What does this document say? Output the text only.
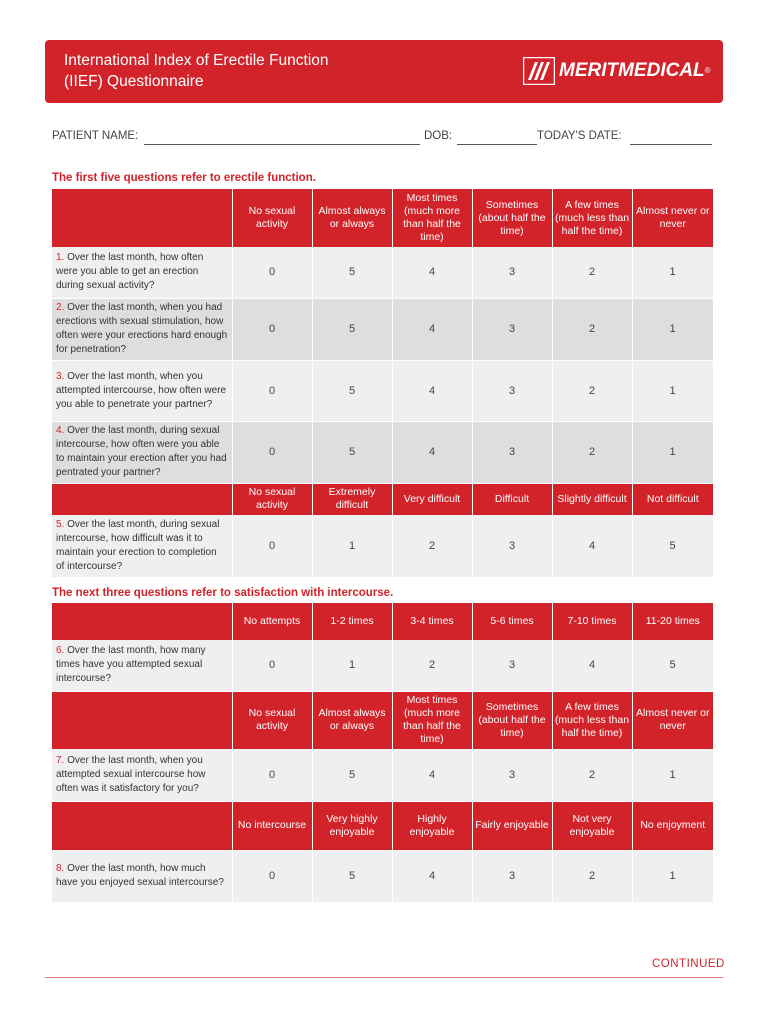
International Index of Erectile Function
(IIEF) Questionnaire
MERITMEDICAL®
PATIENT NAME:	DOB:	TODAY'S DATE:
The first five questions refer to erectile function.
	No sexual activity	Almost always or always	Most times (much more than half the time)	Sometimes (about half the time)	A few times (much less than half the time)	Almost never or never
1. Over the last month, how often were you able to get an erection during sexual activity?	0	5	4	3	2	1
2. Over the last month, when you had erections with sexual stimulation, how often were your erections hard enough for penetration?	0	5	4	3	2	1
3. Over the last month, when you attempted intercourse, how often were you able to penetrate your partner?	0	5	4	3	2	1
4. Over the last month, during sexual intercourse, how often were you able to maintain your erection after you had pentrated your partner?	0	5	4	3	2	1
	No sexual activity	Extremely difficult	Very difficult	Difficult	Slightly difficult	Not difficult
5. Over the last month, during sexual intercourse, how difficult was it to maintain your erection to completion of intercourse?	0	1	2	3	4	5
The next three questions refer to satisfaction with intercourse.
	No attempts	1-2 times	3-4 times	5-6 times	7-10 times	11-20 times
6. Over the last month, how many times have you attempted sexual intercourse?	0	1	2	3	4	5
	No sexual activity	Almost always or always	Most times (much more than half the time)	Sometimes (about half the time)	A few times (much less than half the time)	Almost never or never
7. Over the last month, when you attempted sexual intercourse how often was it satisfactory for you?	0	5	4	3	2	1
	No intercourse	Very highly enjoyable	Highly enjoyable	Fairly enjoyable	Not very enjoyable	No enjoyment
8. Over the last month, how much have you enjoyed sexual intercourse?	0	5	4	3	2	1
CONTINUED
